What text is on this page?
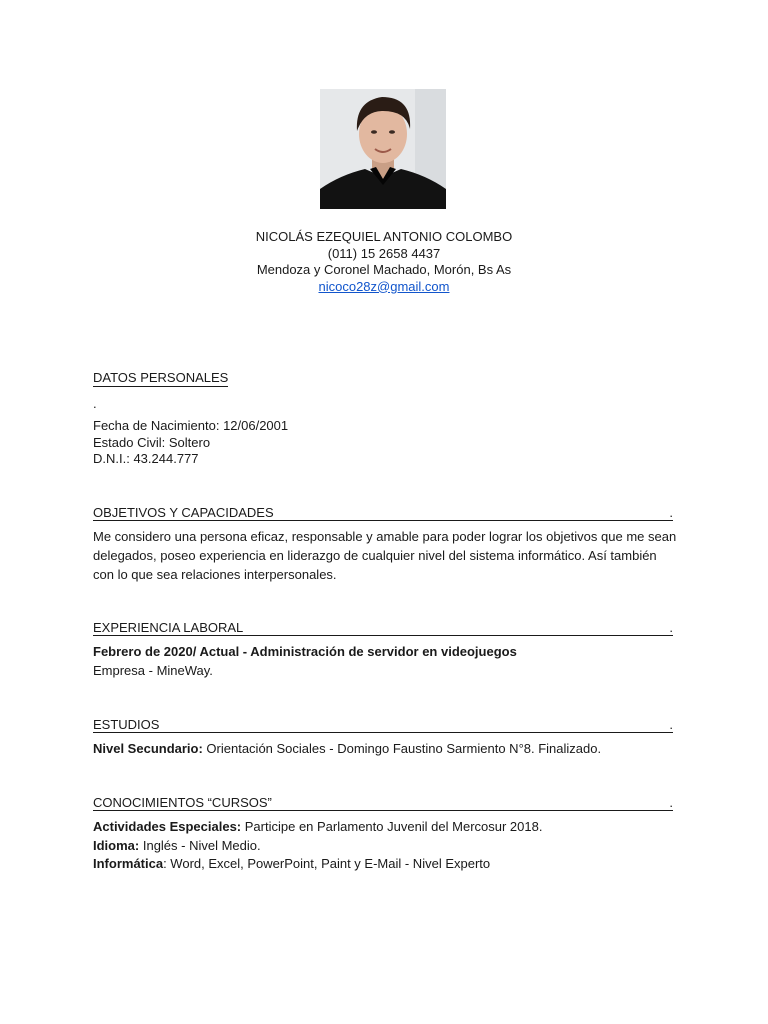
NICOLÁS EZEQUIEL ANTONIO COLOMBO
(011) 15 2658 4437
Mendoza y Coronel Machado, Morón, Bs As
nicoco28z@gmail.com
DATOS PERSONALES
.
Fecha de Nacimiento: 12/06/2001
Estado Civil: Soltero
D.N.I.: 43.244.777
OBJETIVOS Y CAPACIDADES	.
Me considero una persona eficaz, responsable y amable para poder lograr los objetivos que me sean delegados, poseo experiencia en liderazgo de cualquier nivel del sistema informático. Así también con lo que sea relaciones interpersonales.
EXPERIENCIA LABORAL	.
Febrero de 2020/ Actual - Administración de servidor en videojuegos
Empresa - MineWay.
ESTUDIOS	.
Nivel Secundario: Orientación Sociales - Domingo Faustino Sarmiento N°8. Finalizado.
CONOCIMIENTOS “CURSOS”	.
Actividades Especiales: Participe en Parlamento Juvenil del Mercosur 2018.
Idioma: Inglés - Nivel Medio.
Informática: Word, Excel, PowerPoint, Paint y E-Mail - Nivel Experto
